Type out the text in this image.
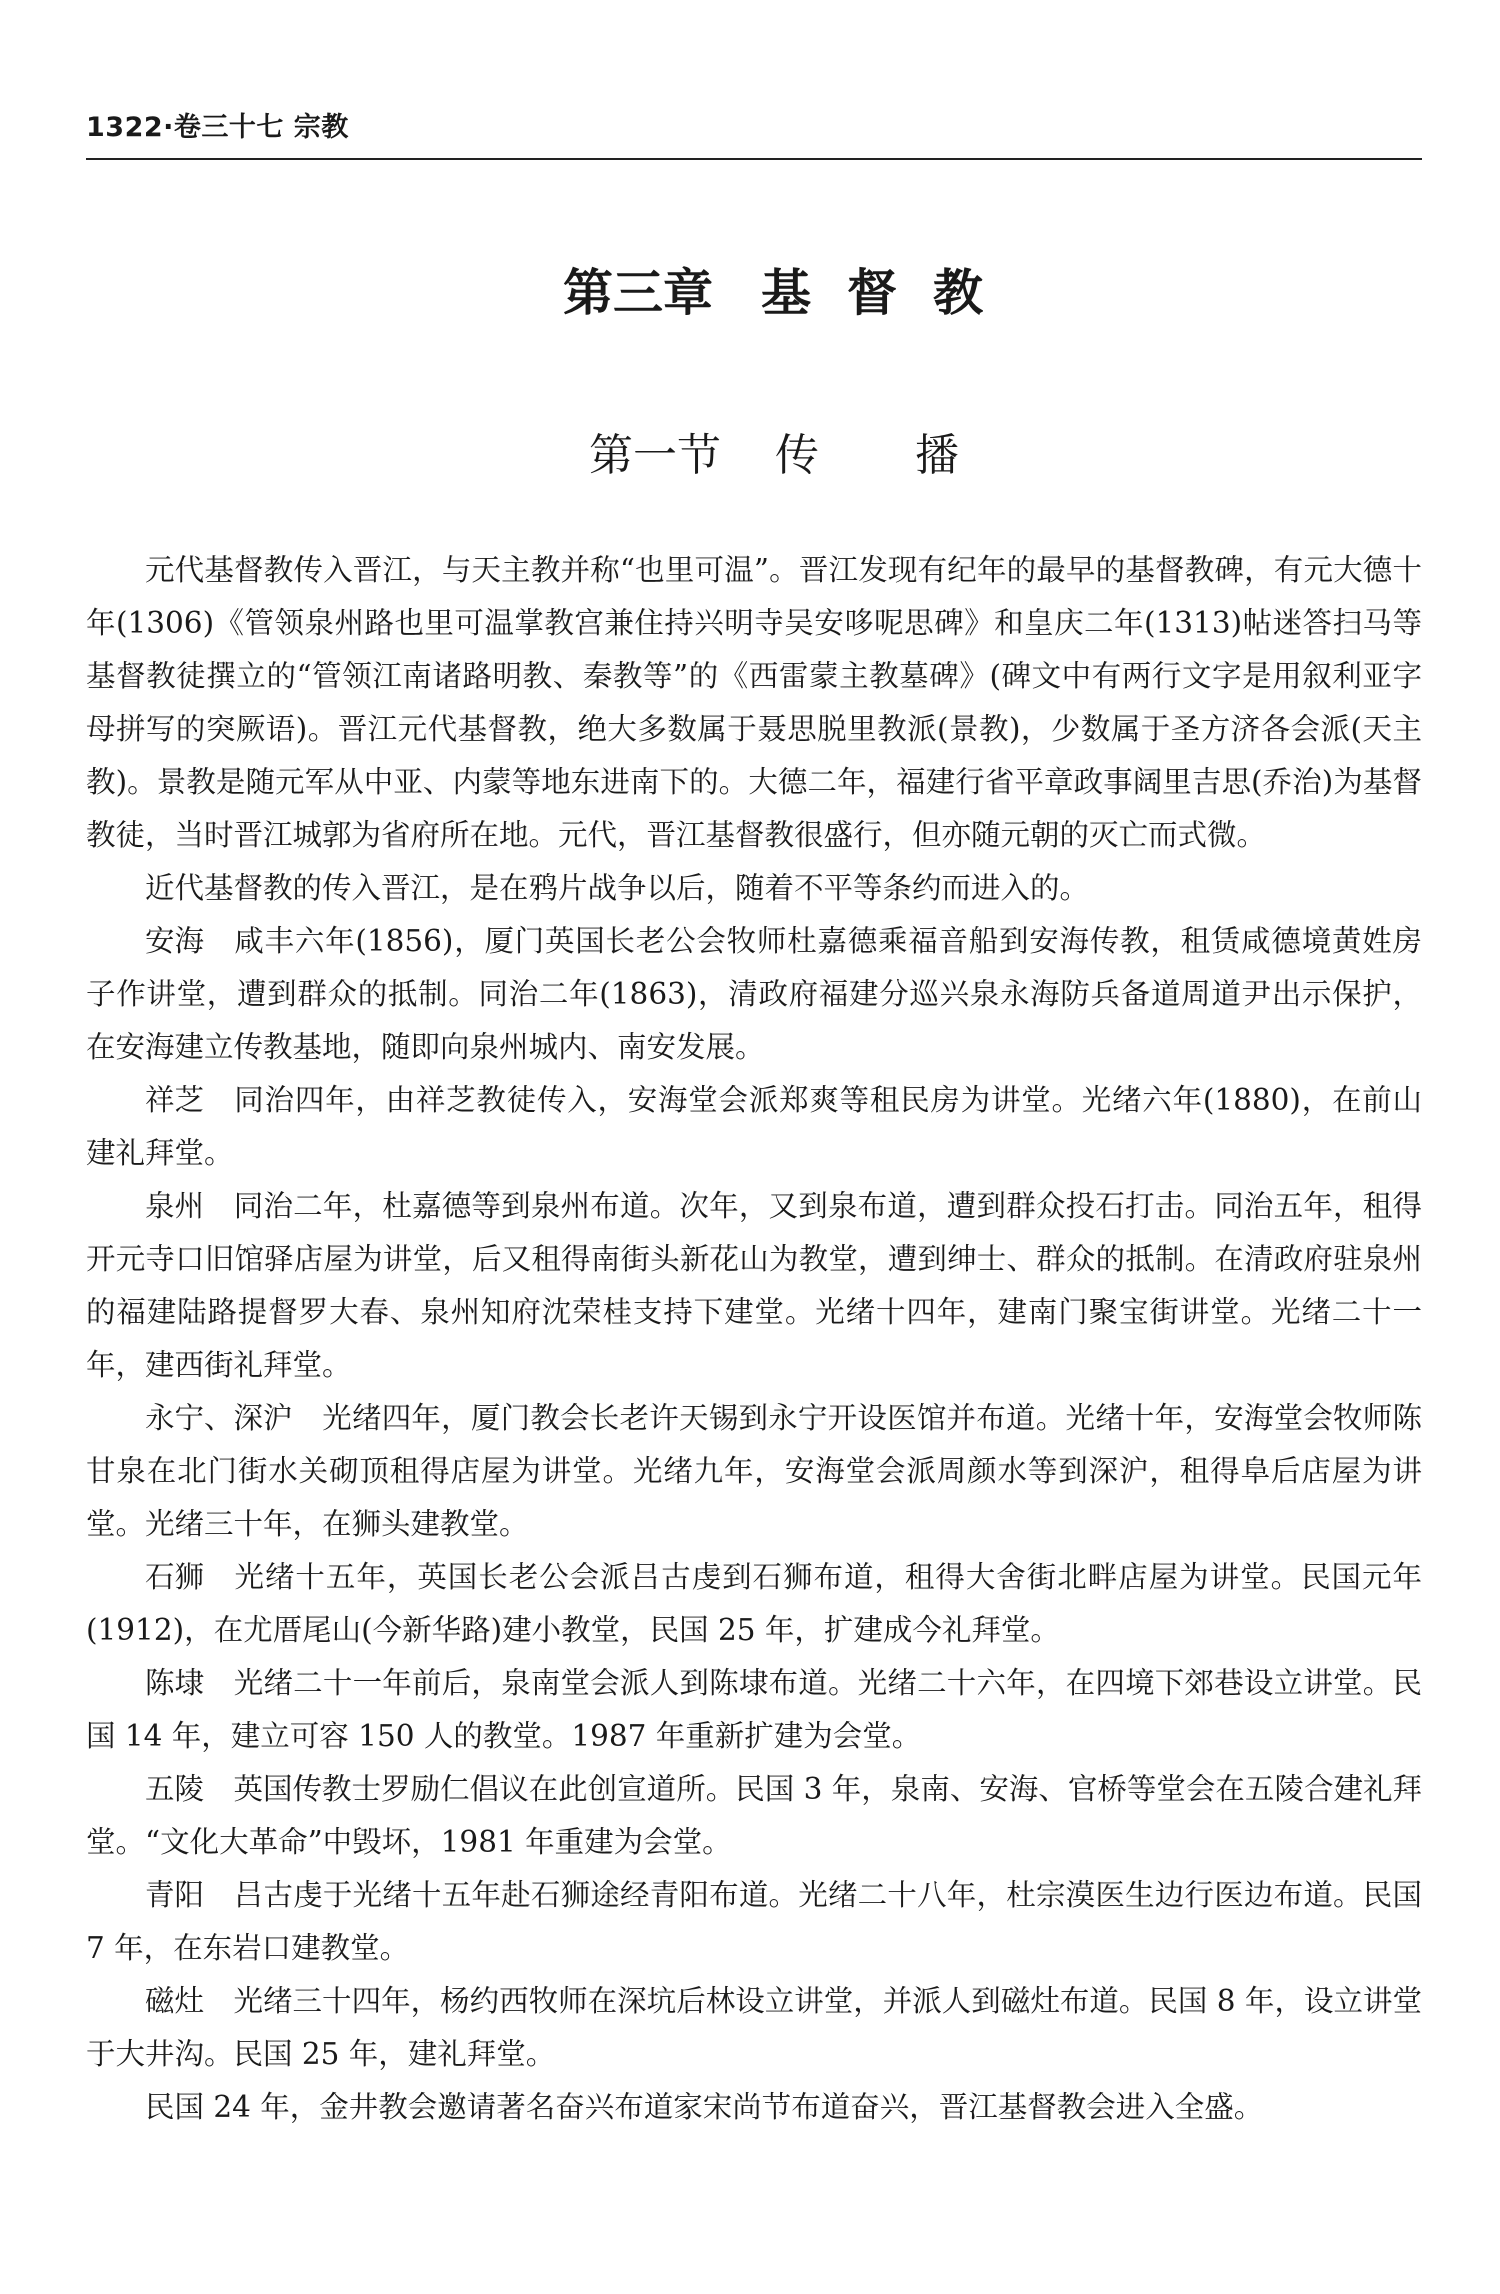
1322·卷三十七 宗教
第三章 基 督 教
第一节 传 播

元代基督教传入晋江，与天主教并称“也里可温”。晋江发现有纪年的最早的基督教碑，有元大德十年(1306)《管领泉州路也里可温掌教宫兼住持兴明寺吴安哆呢思碑》和皇庆二年(1313)帖迷答扫马等基督教徒撰立的“管领江南诸路明教、秦教等”的《西雷蒙主教墓碑》(碑文中有两行文字是用叙利亚字母拼写的突厥语)。晋江元代基督教，绝大多数属于聂思脱里教派(景教)，少数属于圣方济各会派(天主教)。景教是随元军从中亚、内蒙等地东进南下的。大德二年，福建行省平章政事阔里吉思(乔治)为基督教徒，当时晋江城郭为省府所在地。元代，晋江基督教很盛行，但亦随元朝的灭亡而式微。

近代基督教的传入晋江，是在鸦片战争以后，随着不平等条约而进入的。

安海 咸丰六年(1856)，厦门英国长老公会牧师杜嘉德乘福音船到安海传教，租赁咸德境黄姓房子作讲堂，遭到群众的抵制。同治二年(1863)，清政府福建分巡兴泉永海防兵备道周道尹出示保护，在安海建立传教基地，随即向泉州城内、南安发展。

祥芝 同治四年，由祥芝教徒传入，安海堂会派郑爽等租民房为讲堂。光绪六年(1880)，在前山建礼拜堂。

泉州 同治二年，杜嘉德等到泉州布道。次年，又到泉布道，遭到群众投石打击。同治五年，租得开元寺口旧馆驿店屋为讲堂，后又租得南街头新花山为教堂，遭到绅士、群众的抵制。在清政府驻泉州的福建陆路提督罗大春、泉州知府沈荣桂支持下建堂。光绪十四年，建南门聚宝街讲堂。光绪二十一年，建西街礼拜堂。

永宁、深沪 光绪四年，厦门教会长老许天锡到永宁开设医馆并布道。光绪十年，安海堂会牧师陈甘泉在北门街水关砌顶租得店屋为讲堂。光绪九年，安海堂会派周颜水等到深沪，租得阜后店屋为讲堂。光绪三十年，在狮头建教堂。

石狮 光绪十五年，英国长老公会派吕古虔到石狮布道，租得大舍街北畔店屋为讲堂。民国元年(1912)，在尤厝尾山(今新华路)建小教堂，民国 25 年，扩建成今礼拜堂。

陈埭 光绪二十一年前后，泉南堂会派人到陈埭布道。光绪二十六年，在四境下郊巷设立讲堂。民国 14 年，建立可容 150 人的教堂。1987 年重新扩建为会堂。

五陵 英国传教士罗励仁倡议在此创宣道所。民国 3 年，泉南、安海、官桥等堂会在五陵合建礼拜堂。“文化大革命”中毁坏，1981 年重建为会堂。

青阳 吕古虔于光绪十五年赴石狮途经青阳布道。光绪二十八年，杜宗漠医生边行医边布道。民国 7 年，在东岩口建教堂。

磁灶 光绪三十四年，杨约西牧师在深坑后林设立讲堂，并派人到磁灶布道。民国 8 年，设立讲堂于大井沟。民国 25 年，建礼拜堂。

民国 24 年，金井教会邀请著名奋兴布道家宋尚节布道奋兴，晋江基督教会进入全盛。
